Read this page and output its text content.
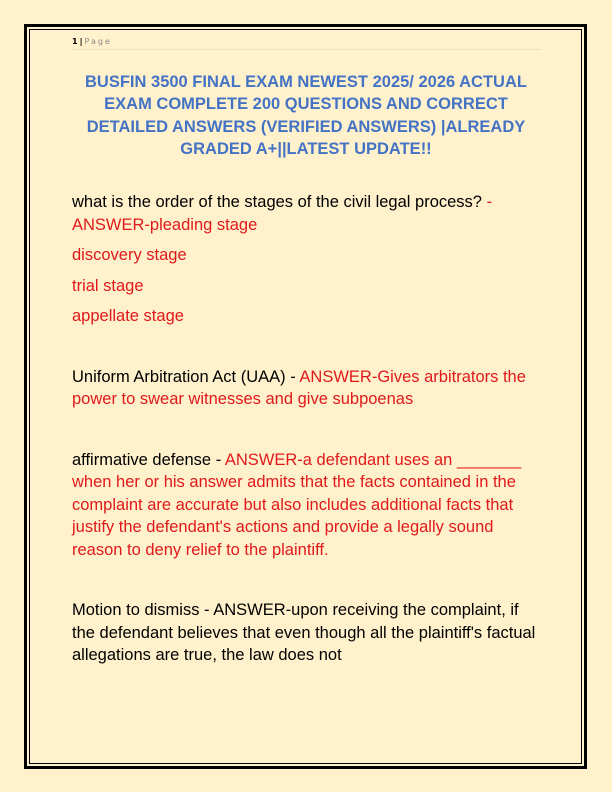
1 | Page
BUSFIN 3500 FINAL EXAM NEWEST 2025/ 2026 ACTUAL EXAM COMPLETE 200 QUESTIONS AND CORRECT DETAILED ANSWERS (VERIFIED ANSWERS) |ALREADY GRADED A+||LATEST UPDATE!!
what is the order of the stages of the civil legal process? - ANSWER-pleading stage
discovery stage
trial stage
appellate stage
Uniform Arbitration Act (UAA) - ANSWER-Gives arbitrators the power to swear witnesses and give subpoenas
affirmative defense - ANSWER-a defendant uses an _______ when her or his answer admits that the facts contained in the complaint are accurate but also includes additional facts that justify the defendant's actions and provide a legally sound reason to deny relief to the plaintiff.
Motion to dismiss - ANSWER-upon receiving the complaint, if the defendant believes that even though all the plaintiff's factual allegations are true, the law does not
